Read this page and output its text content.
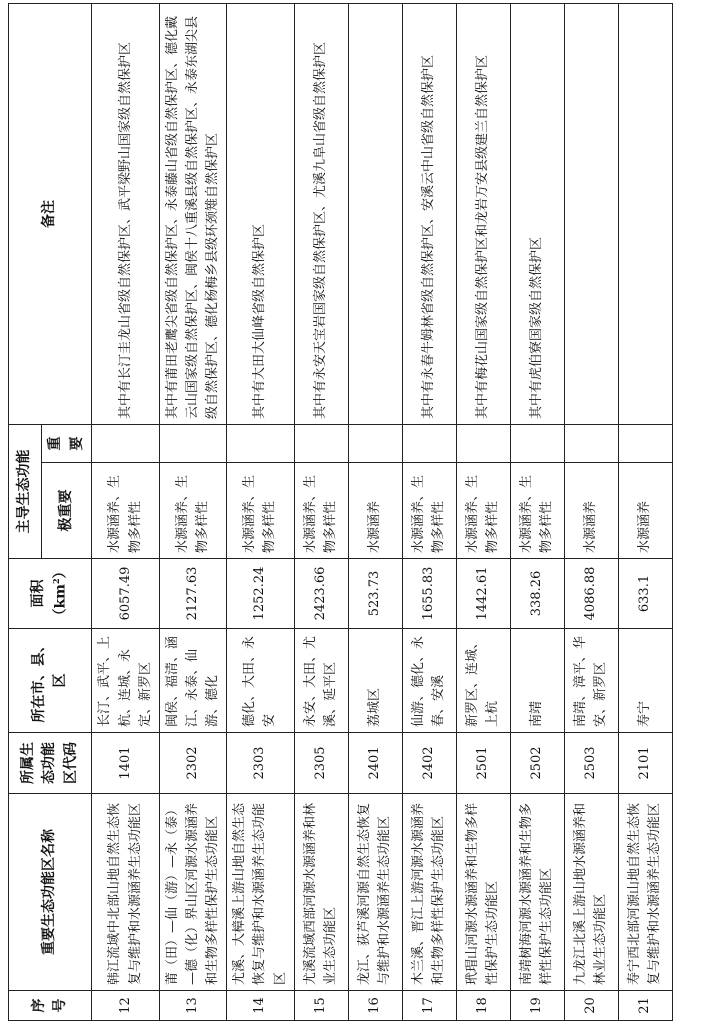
序号	重要生态功能区名称	所属生态功能区代码	所在市、县、区	面积 $(km^2)$	主导生态功能		备注
					极重要	重要	
12	韩江流域中北部山地自然生态恢复与维护和水源涵养生态功能区	1401	长汀、武平、上杭、连城、永定、新罗区	6057.49	水源涵养、生物多样性		其中有长汀圭龙山省级自然保护区、武平梁野山国家级自然保护区
13	莆（田）—仙（游）—永（泰）—德（化）界山区河源水源涵养和生物多样性保护生态功能区	2302	闽侯、福清、涵江、永泰、仙游、德化	2127.63	水源涵养、生物多样性		其中有莆田老鹰尖省级自然保护区、永泰藤山省级自然保护区、德化戴云山国家级自然保护区、闽侯十八重溪县级自然保护区、永泰东湖尖县级自然保护区、德化杨梅乡县级环颈雉自然保护区
14	尤溪、大樟溪上游山地自然生态恢复与维护和水源涵养生态功能区	2303	德化、大田、永安	1252.24	水源涵养、生物多样性		其中有大田大仙峰省级自然保护区
15	尤溪流域西部河源水源涵养和林业生态功能区	2305	永安、大田、尤溪、延平区	2423.66	水源涵养、生物多样性		其中有永安天宝岩国家级自然保护区、尤溪九阜山省级自然保护区
16	龙江、荻芦溪河源自然生态恢复与维护和水源涵养生态功能区	2401	荔城区	523.73	水源涵养		
17	木兰溪、晋江上游河源水源涵养和生物多样性保护生态功能区	2402	仙游、德化、永春、安溪	1655.83	水源涵养、生物多样性		其中有永春牛姆林省级自然保护区、安溪云中山省级自然保护区
18	玳瑁山河源水源涵养和生物多样性保护生态功能区	2501	新罗区、连城、上杭	1442.61	水源涵养、生物多样性		其中有梅花山国家级自然保护区和龙岩万安县级建兰自然保护区
19	南靖树海河源水源涵养和生物多样性保护生态功能区	2502	南靖	338.26	水源涵养、生物多样性		其中有虎伯寮国家级自然保护区
20	九龙江北溪上游山地水源涵养和林业生态功能区	2503	南靖、漳平、华安、新罗区	4086.88	水源涵养		
21	寿宁西北部河源山地自然生态恢复与维护和水源涵养生态功能区	2101	寿宁	633.1	水源涵养		
